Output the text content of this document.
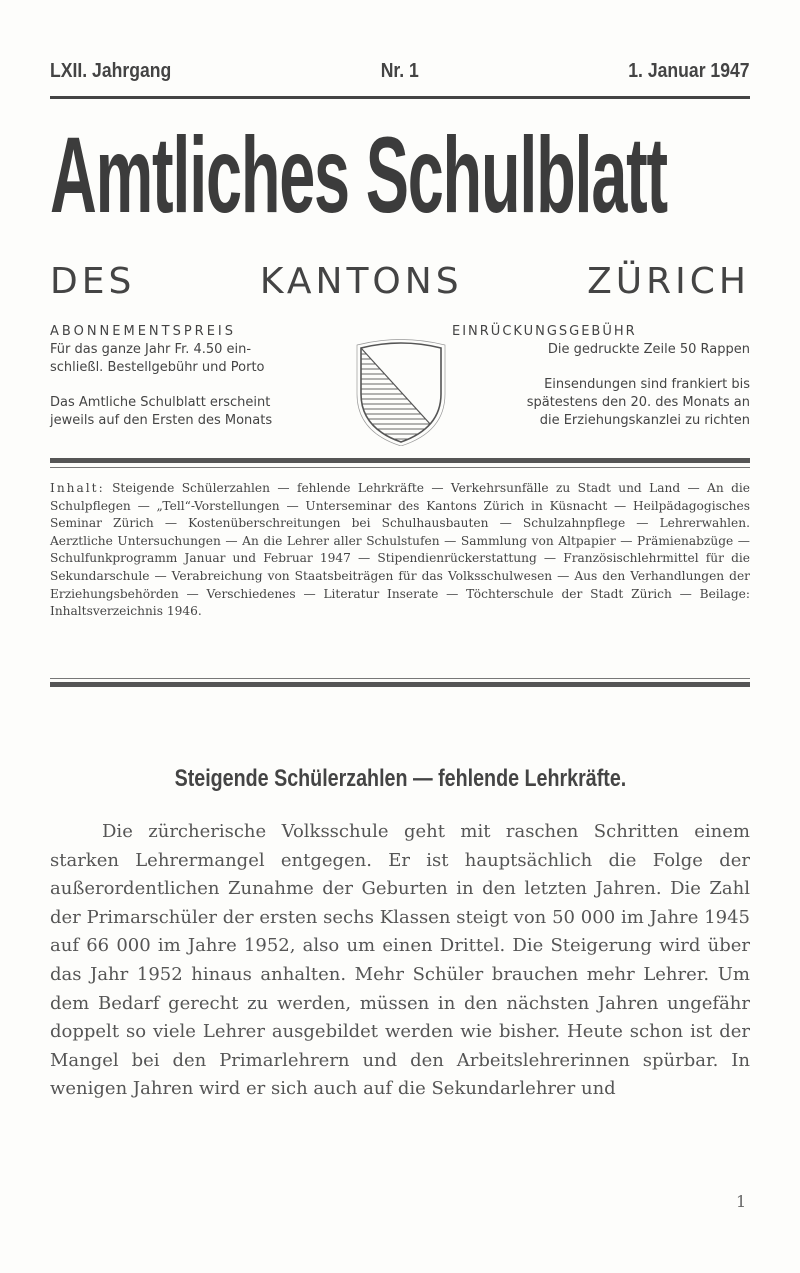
LXII. Jahrgang	Nr. 1	1. Januar 1947
Amtliches Schulblatt
DES KANTONS ZÜRICH
ABONNEMENTSPREIS
Für das ganze Jahr Fr. 4.50 ein-
schließl. Bestellgebühr und Porto
Das Amtliche Schulblatt erscheint
jeweils auf den Ersten des Monats
EINRÜCKUNGSGEBÜHR
Die gedruckte Zeile 50 Rappen
Einsendungen sind frankiert bis
spätestens den 20. des Monats an
die Erziehungskanzlei zu richten
Inhalt: Steigende Schülerzahlen — fehlende Lehrkräfte — Verkehrsunfälle zu Stadt und Land — An die Schulpflegen — „Tell“-Vorstellungen — Unterseminar des Kantons Zürich in Küsnacht — Heilpädagogisches Seminar Zürich — Kostenüberschreitungen bei Schulhausbauten — Schulzahnpflege — Lehrerwahlen. Aerztliche Untersuchungen — An die Lehrer aller Schulstufen — Sammlung von Altpapier — Prämienabzüge — Schulfunkprogramm Januar und Februar 1947 — Stipendienrückerstattung — Französischlehrmittel für die Sekundarschule — Verabreichung von Staatsbeiträgen für das Volksschulwesen — Aus den Verhandlungen der Erziehungsbehörden — Verschiedenes — Literatur Inserate — Töchterschule der Stadt Zürich — Beilage: Inhaltsverzeichnis 1946.
Steigende Schülerzahlen — fehlende Lehrkräfte.

Die zürcherische Volksschule geht mit raschen Schritten einem starken Lehrermangel entgegen. Er ist hauptsächlich die Folge der außerordentlichen Zunahme der Geburten in den letzten Jahren. Die Zahl der Primarschüler der ersten sechs Klassen steigt von 50 000 im Jahre 1945 auf 66 000 im Jahre 1952, also um einen Drittel. Die Steigerung wird über das Jahr 1952 hinaus anhalten. Mehr Schüler brauchen mehr Lehrer. Um dem Bedarf gerecht zu werden, müssen in den nächsten Jahren ungefähr doppelt so viele Lehrer ausgebildet werden wie bisher. Heute schon ist der Mangel bei den Primarlehrern und den Arbeitslehrerinnen spürbar. In wenigen Jahren wird er sich auch auf die Sekundarlehrer und

1
